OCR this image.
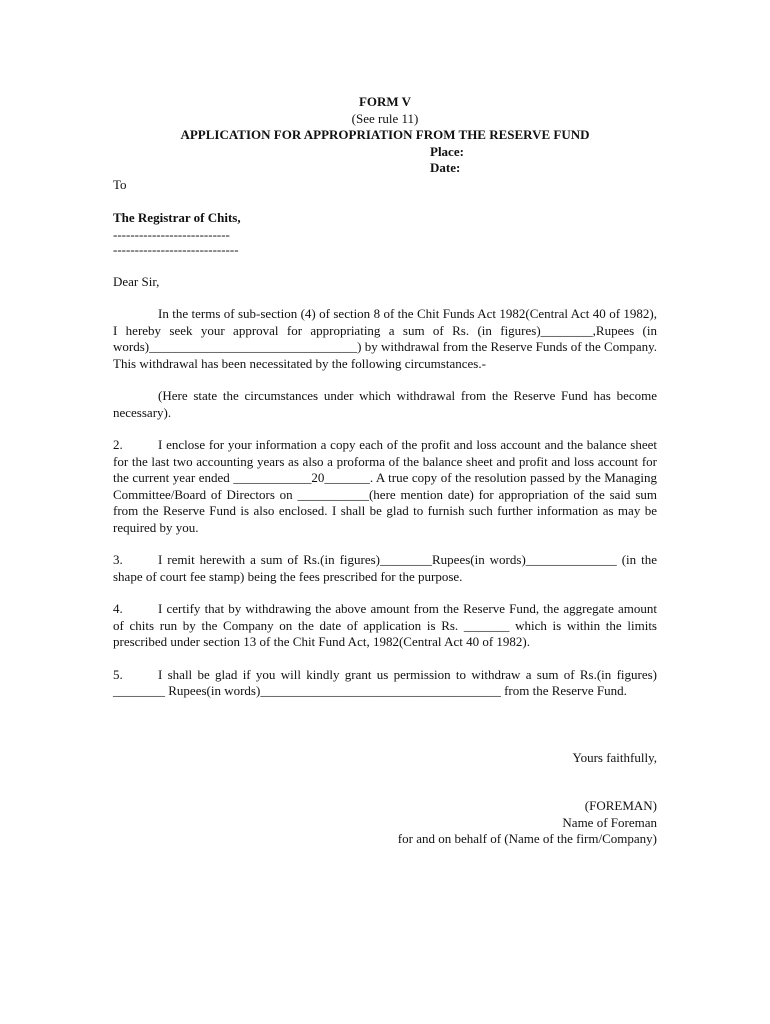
FORM V
(See rule 11)
APPLICATION FOR APPROPRIATION FROM THE RESERVE FUND
Place:
Date:

To

The Registrar of Chits,

---------------------------

-----------------------------

Dear Sir,

In the terms of sub-section (4) of section 8 of the Chit Funds Act 1982(Central Act 40 of 1982), I hereby seek your approval for appropriating a sum of Rs. (in figures)________,Rupees (in words)________________________________) by withdrawal from the Reserve Funds of the Company. This withdrawal has been necessitated by the following circumstances.-

(Here state the circumstances under which withdrawal from the Reserve Fund has become necessary).

2.	I enclose for your information a copy each of the profit and loss account and the balance sheet for the last two accounting years as also a proforma of the balance sheet and profit and loss account for the current year ended ____________20_______. A true copy of the resolution passed by the Managing Committee/Board of Directors on ___________(here mention date) for appropriation of the said sum from the Reserve Fund is also enclosed. I shall be glad to furnish such further information as may be required by you.

3.	I remit herewith a sum of Rs.(in figures)________Rupees(in words)______________ (in the shape of court fee stamp) being the fees prescribed for the purpose.

4.	I certify that by withdrawing the above amount from the Reserve Fund, the aggregate amount of chits run by the Company on the date of application is Rs. _______ which is within the limits prescribed under section 13 of the Chit Fund Act, 1982(Central Act 40 of 1982).

5.	I shall be glad if you will kindly grant us permission to withdraw a sum of Rs.(in figures) ________ Rupees(in words)_____________________________________ from the Reserve Fund.

Yours faithfully,

(FOREMAN)

Name of Foreman

for and on behalf of (Name of the firm/Company)
